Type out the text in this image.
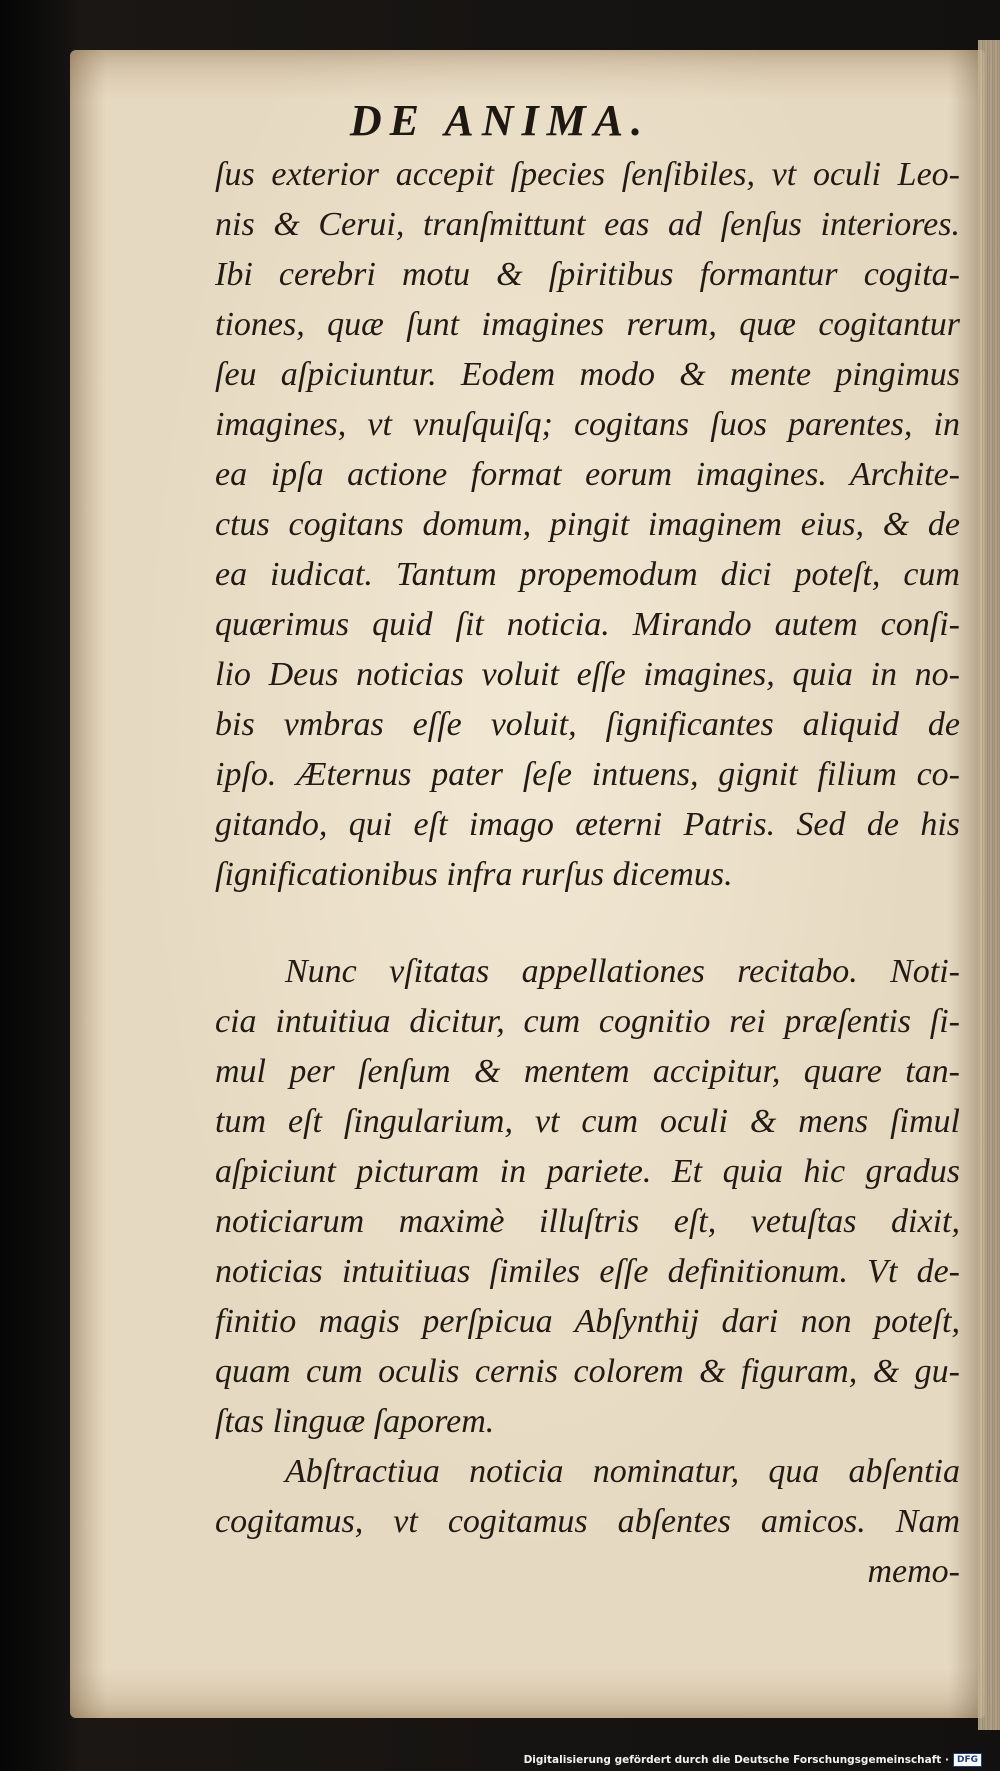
DE ANIMA.
ſus exterior accepit ſpecies ſenſibiles, vt oculi Leo-
nis & Cerui, tranſmittunt eas ad ſenſus interiores.
Ibi cerebri motu & ſpiritibus formantur cogita-
tiones, quæ ſunt imagines rerum, quæ cogitantur
ſeu aſpiciuntur. Eodem modo & mente pingimus
imagines, vt vnuſquiſq; cogitans ſuos parentes, in
ea ipſa actione format eorum imagines. Archite-
ctus cogitans domum, pingit imaginem eius, & de
ea iudicat. Tantum propemodum dici poteſt, cum
quærimus quid ſit noticia. Mirando autem conſi-
lio Deus noticias voluit eſſe imagines, quia in no-
bis vmbras eſſe voluit, ſignificantes aliquid de
ipſo. Æternus pater ſeſe intuens, gignit filium co-
gitando, qui eſt imago æterni Patris. Sed de his
ſignificationibus infra rurſus dicemus.
Nunc vſitatas appellationes recitabo. Noti-
cia intuitiua dicitur, cum cognitio rei præſentis ſi-
mul per ſenſum & mentem accipitur, quare tan-
tum eſt ſingularium, vt cum oculi & mens ſimul
aſpiciunt picturam in pariete. Et quia hic gradus
noticiarum maximè illuſtris eſt, vetuſtas dixit,
noticias intuitiuas ſimiles eſſe definitionum. Vt de-
finitio magis perſpicua Abſynthij dari non poteſt,
quam cum oculis cernis colorem & figuram, & gu-
ſtas linguæ ſaporem.
Abſtractiua noticia nominatur, qua abſentia
cogitamus, vt cogitamus abſentes amicos. Nam
memo-
Digitalisierung gefördert durch die Deutsche Forschungsgemeinschaft · DFG
